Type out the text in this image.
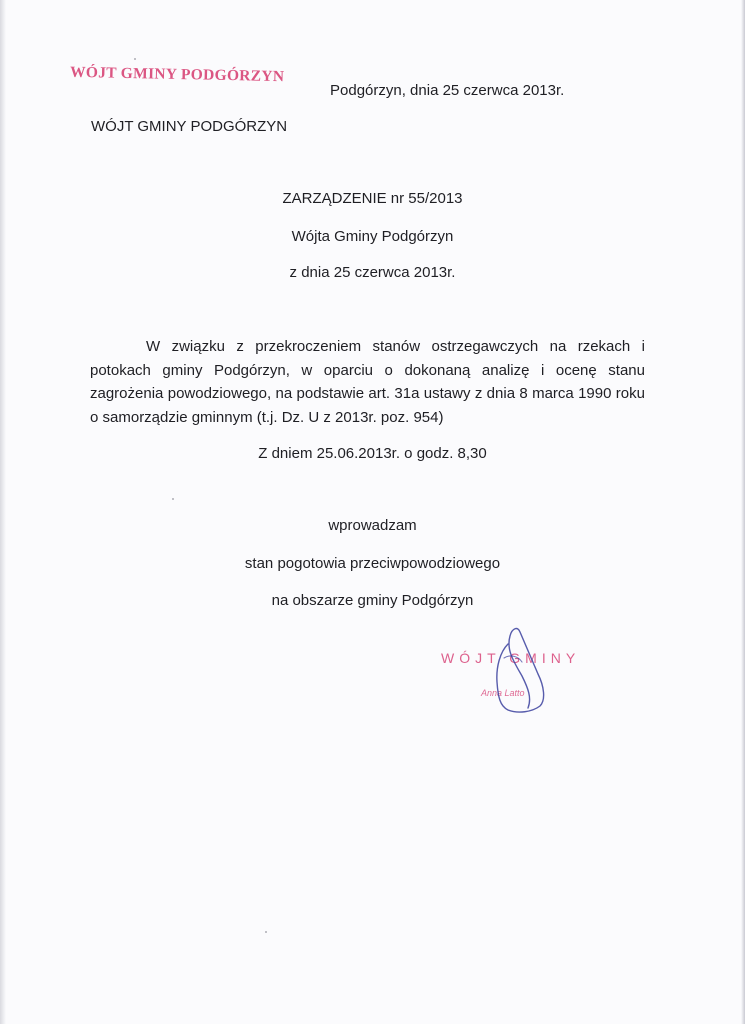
WÓJT GMINY PODGÓRZYN
Podgórzyn, dnia 25 czerwca 2013r.
WÓJT GMINY PODGÓRZYN
ZARZĄDZENIE nr 55/2013
Wójta Gminy Podgórzyn
z dnia 25 czerwca 2013r.
W związku z przekroczeniem stanów ostrzegawczych na rzekach i potokach gminy Podgórzyn, w oparciu o dokonaną analizę i ocenę stanu zagrożenia powodziowego, na podstawie art. 31a ustawy z dnia 8 marca 1990 roku o samorządzie gminnym (t.j. Dz. U z 2013r. poz. 954)
Z dniem 25.06.2013r. o godz. 8,30
wprowadzam
stan pogotowia przeciwpowodziowego
na obszarze gminy Podgórzyn
WÓJT GMINY
Anna Latto
